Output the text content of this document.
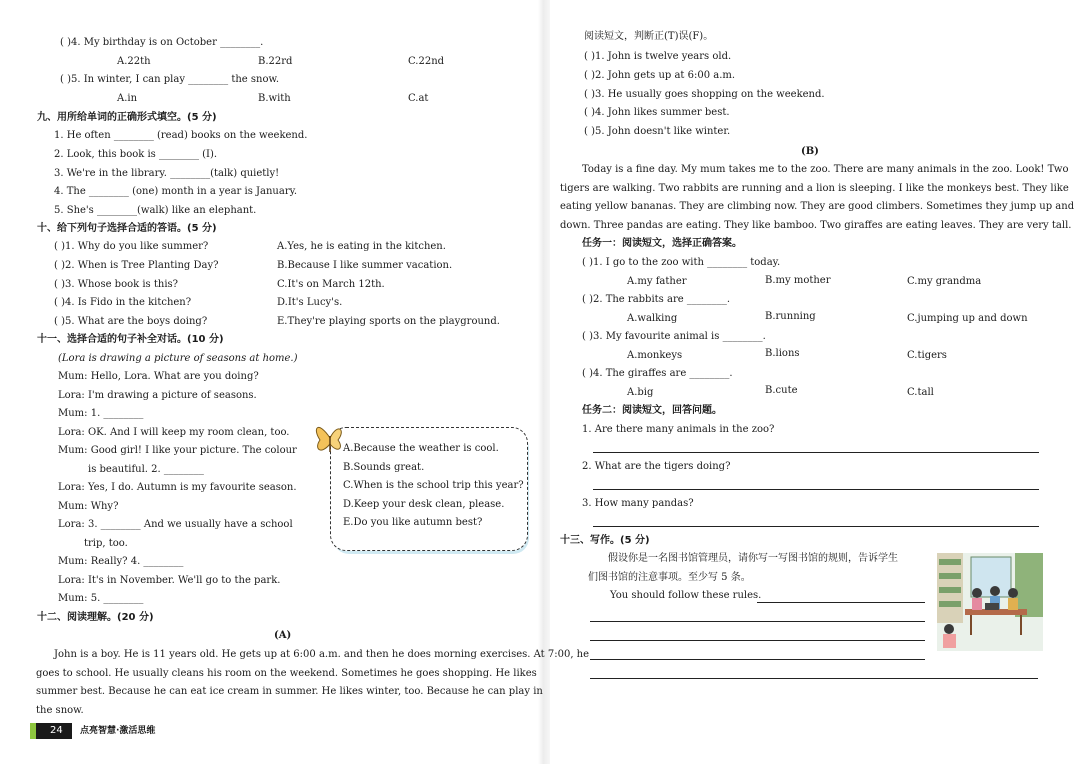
( )4. My birthday is on October ________.
A.22th	B.22rd	C.22nd
( )5. In winter, I can play ________ the snow.
A.in	B.with	C.at
九、用所给单词的正确形式填空。(5 分)
1. He often ________ (read) books on the weekend.
2. Look, this book is ________ (I).
3. We're in the library. ________(talk) quietly!
4. The ________ (one) month in a year is January.
5. She's ________(walk) like an elephant.
十、给下列句子选择合适的答语。(5 分)
( )1. Why do you like summer?	A.Yes, he is eating in the kitchen.
( )2. When is Tree Planting Day?	B.Because I like summer vacation.
( )3. Whose book is this?	C.It's on March 12th.
( )4. Is Fido in the kitchen?	D.It's Lucy's.
( )5. What are the boys doing?	E.They're playing sports on the playground.
十一、选择合适的句子补全对话。(10 分)
(Lora is drawing a picture of seasons at home.)
Mum: Hello, Lora. What are you doing?
Lora: I'm drawing a picture of seasons.
Mum: 1. ________
Lora: OK. And I will keep my room clean, too.
Mum: Good girl! I like your picture. The colour
is beautiful. 2. ________
Lora: Yes, I do. Autumn is my favourite season.
Mum: Why?
Lora: 3. ________ And we usually have a school
trip, too.
Mum: Really? 4. ________
Lora: It's in November. We'll go to the park.
Mum: 5. ________
十二、阅读理解。(20 分)
(A)
John is a boy. He is 11 years old. He gets up at 6:00 a.m. and then he does morning exercises. At 7:00, he
goes to school. He usually cleans his room on the weekend. Sometimes he goes shopping. He likes
summer best. Because he can eat ice cream in summer. He likes winter, too. Because he can play in
the snow.
阅读短文，判断正(T)误(F)。
( )1. John is twelve years old.
( )2. John gets up at 6:00 a.m.
( )3. He usually goes shopping on the weekend.
( )4. John likes summer best.
( )5. John doesn't like winter.
(B)
Today is a fine day. My mum takes me to the zoo. There are many animals in the zoo. Look! Two
tigers are walking. Two rabbits are running and a lion is sleeping. I like the monkeys best. They like
eating yellow bananas. They are climbing now. They are good climbers. Sometimes they jump up and
down. Three pandas are eating. They like bamboo. Two giraffes are eating leaves. They are very tall.
任务一：阅读短文，选择正确答案。
( )1. I go to the zoo with ________ today.
A.my father	B.my mother	C.my grandma
( )2. The rabbits are ________.
A.walking	B.running	C.jumping up and down
( )3. My favourite animal is ________.
A.monkeys	B.lions	C.tigers
( )4. The giraffes are ________.
A.big	B.cute	C.tall
任务二：阅读短文，回答问题。
1. Are there many animals in the zoo?
2. What are the tigers doing?
3. How many pandas?
十三、写作。(5 分)
假设你是一名图书馆管理员，请你写一写图书馆的规则，告诉学生
们图书馆的注意事项。至少写 5 条。
You should follow these rules.
A.Because the weather is cool.
B.Sounds great.
C.When is the school trip this year?
D.Keep your desk clean, please.
E.Do you like autumn best?
24 点亮智慧·激活思维
